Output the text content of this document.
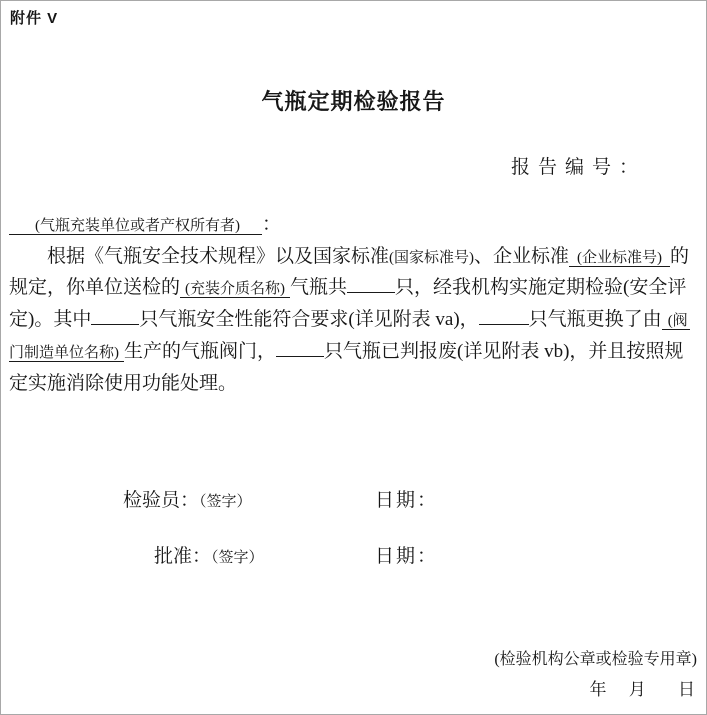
附件 V
气瓶定期检验报告
报告编号：
(气瓶充装单位或者产权所有者) ：
　　根据《气瓶安全技术规程》以及国家标准(国家标准号)、企业标准 (企业标准号) 的
规定，你单位送检的 (充装介质名称) 气瓶共	只，经我机构实施定期检验(安全评
定)。其中	只气瓶安全性能符合要求(详见附表 va)，	只气瓶更换了由 (阀
门制造单位名称) 生产的气瓶阀门，	只气瓶已判报废(详见附表 vb)，并且按照规
定实施消除使用功能处理。
检验员：（签字）	日期：
批准：（签字）	日期：
(检验机构公章或检验专用章)
年 月 日
